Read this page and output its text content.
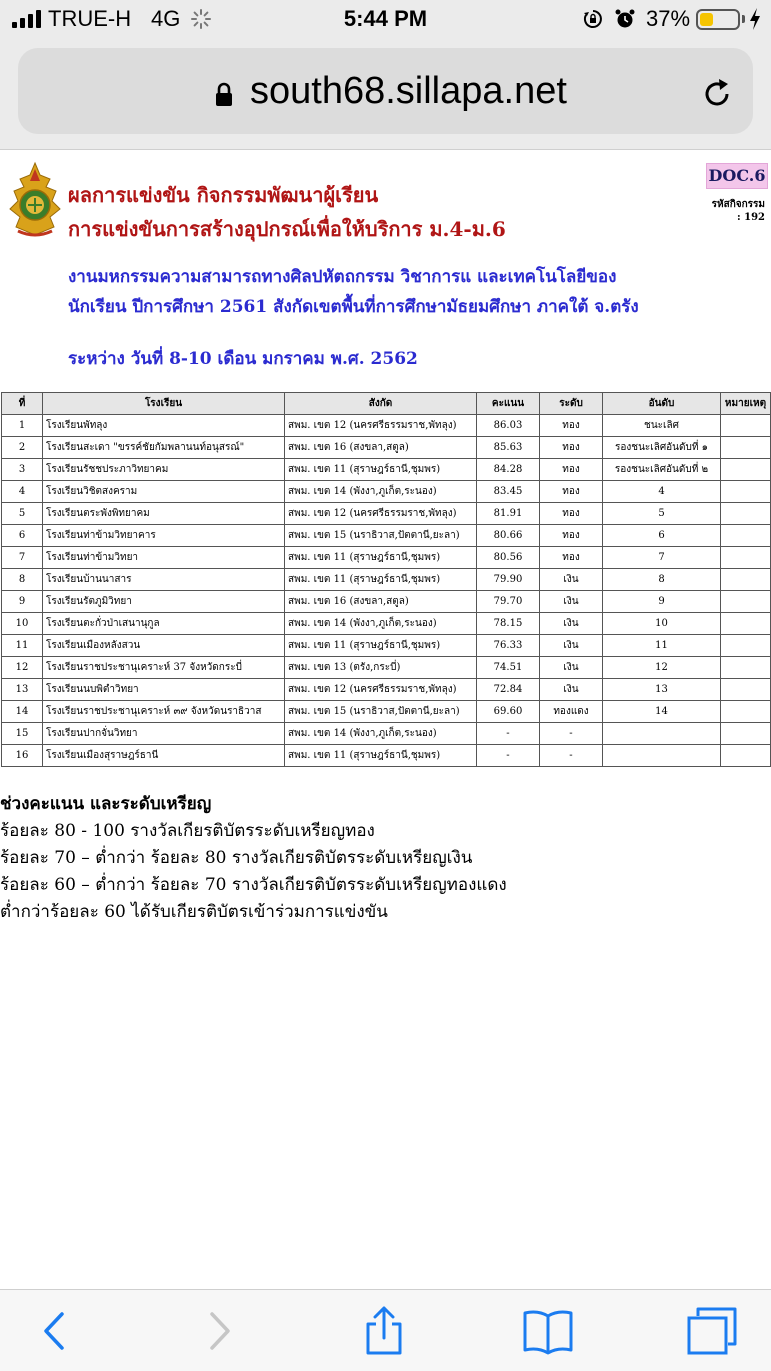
TRUE-H 4G	5:44 PM	37%
south68.sillapa.net
ผลการแข่งขัน กิจกรรมพัฒนาผู้เรียน
การแข่งขันการสร้างอุปกรณ์เพื่อให้บริการ ม.4-ม.6
DOC.6
รหัสกิจกรรม
: 192
งานมหกรรมความสามารถทางศิลปหัตถกรรม วิชาการแ และเทคโนโลยีของ
นักเรียน ปีการศึกษา 2561 สังกัดเขตพื้นที่การศึกษามัธยมศึกษา ภาคใต้ จ.ตรัง
ระหว่าง วันที่ 8-10 เดือน มกราคม พ.ศ. 2562
ที่	โรงเรียน	สังกัด	คะแนน	ระดับ	อันดับ	หมายเหตุ
1	โรงเรียนพัทลุง	สพม. เขต 12 (นครศรีธรรมราช,พัทลุง)	86.03	ทอง	ชนะเลิศ	
2	โรงเรียนสะเดา "ขรรค์ชัยกัมพลานนท์อนุสรณ์"	สพม. เขต 16 (สงขลา,สตูล)	85.63	ทอง	รองชนะเลิศอันดับที่ ๑	
3	โรงเรียนรัชชประภาวิทยาคม	สพม. เขต 11 (สุราษฎร์ธานี,ชุมพร)	84.28	ทอง	รองชนะเลิศอันดับที่ ๒	
4	โรงเรียนวิชิตสงคราม	สพม. เขต 14 (พังงา,ภูเก็ต,ระนอง)	83.45	ทอง	4	
5	โรงเรียนตระพังพิทยาคม	สพม. เขต 12 (นครศรีธรรมราช,พัทลุง)	81.91	ทอง	5	
6	โรงเรียนท่าข้ามวิทยาคาร	สพม. เขต 15 (นราธิวาส,ปัตตานี,ยะลา)	80.66	ทอง	6	
7	โรงเรียนท่าข้ามวิทยา	สพม. เขต 11 (สุราษฎร์ธานี,ชุมพร)	80.56	ทอง	7	
8	โรงเรียนบ้านนาสาร	สพม. เขต 11 (สุราษฎร์ธานี,ชุมพร)	79.90	เงิน	8	
9	โรงเรียนรัตภูมิวิทยา	สพม. เขต 16 (สงขลา,สตูล)	79.70	เงิน	9	
10	โรงเรียนตะกั่วป่าเสนานุกูล	สพม. เขต 14 (พังงา,ภูเก็ต,ระนอง)	78.15	เงิน	10	
11	โรงเรียนเมืองหลังสวน	สพม. เขต 11 (สุราษฎร์ธานี,ชุมพร)	76.33	เงิน	11	
12	โรงเรียนราชประชานุเคราะห์ 37 จังหวัดกระบี่	สพม. เขต 13 (ตรัง,กระบี่)	74.51	เงิน	12	
13	โรงเรียนนบพิตำวิทยา	สพม. เขต 12 (นครศรีธรรมราช,พัทลุง)	72.84	เงิน	13	
14	โรงเรียนราชประชานุเคราะห์ ๓๙ จังหวัดนราธิวาส	สพม. เขต 15 (นราธิวาส,ปัตตานี,ยะลา)	69.60	ทองแดง	14	
15	โรงเรียนปากจั่นวิทยา	สพม. เขต 14 (พังงา,ภูเก็ต,ระนอง)	-	-		
16	โรงเรียนเมืองสุราษฎร์ธานี	สพม. เขต 11 (สุราษฎร์ธานี,ชุมพร)	-	-		
ช่วงคะแนน และระดับเหรียญ
ร้อยละ 80 - 100 รางวัลเกียรติบัตรระดับเหรียญทอง
ร้อยละ 70 – ต่ำกว่า ร้อยละ 80 รางวัลเกียรติบัตรระดับเหรียญเงิน
ร้อยละ 60 – ต่ำกว่า ร้อยละ 70 รางวัลเกียรติบัตรระดับเหรียญทองแดง
ต่ำกว่าร้อยละ 60 ได้รับเกียรติบัตรเข้าร่วมการแข่งขัน
